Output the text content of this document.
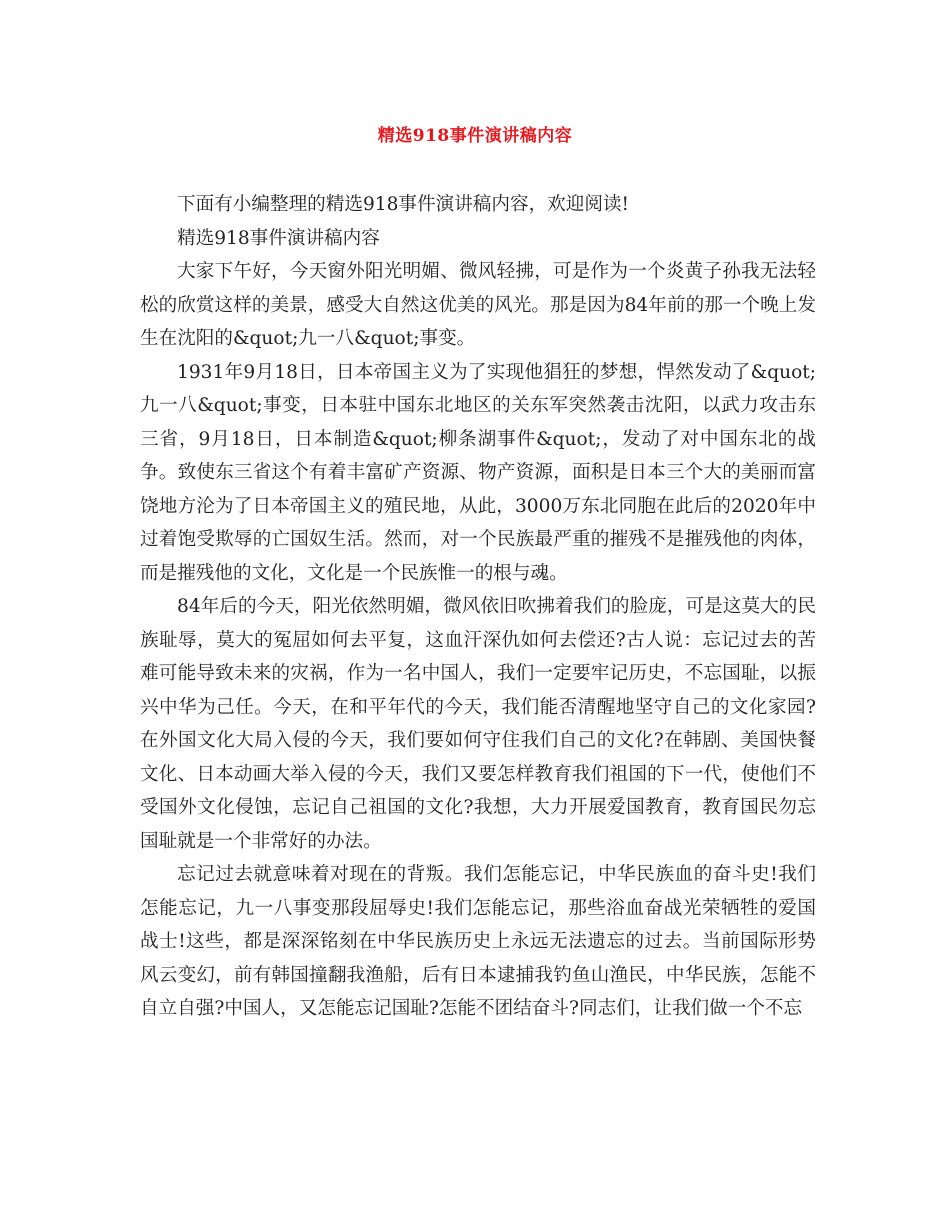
精选918事件演讲稿内容

下面有小编整理的精选918事件演讲稿内容，欢迎阅读!

精选918事件演讲稿内容

大家下午好，今天窗外阳光明媚、微风轻拂，可是作为一个炎黄子孙我无法轻松的欣赏这样的美景，感受大自然这优美的风光。那是因为84年前的那一个晚上发生在沈阳的&quot;九一八&quot;事变。

1931年9月18日，日本帝国主义为了实现他猖狂的梦想，悍然发动了&quot;九一八&quot;事变，日本驻中国东北地区的关东军突然袭击沈阳，以武力攻击东三省，9月18日，日本制造&quot;柳条湖事件&quot;，发动了对中国东北的战争。致使东三省这个有着丰富矿产资源、物产资源，面积是日本三个大的美丽而富饶地方沦为了日本帝国主义的殖民地，从此，3000万东北同胞在此后的2020年中过着饱受欺辱的亡国奴生活。然而，对一个民族最严重的摧残不是摧残他的肉体，而是摧残他的文化，文化是一个民族惟一的根与魂。

84年后的今天，阳光依然明媚，微风依旧吹拂着我们的脸庞，可是这莫大的民族耻辱，莫大的冤屈如何去平复，这血汗深仇如何去偿还?古人说：忘记过去的苦难可能导致未来的灾祸，作为一名中国人，我们一定要牢记历史，不忘国耻，以振兴中华为己任。今天，在和平年代的今天，我们能否清醒地坚守自己的文化家园?在外国文化大局入侵的今天，我们要如何守住我们自己的文化?在韩剧、美国快餐文化、日本动画大举入侵的今天，我们又要怎样教育我们祖国的下一代，使他们不受国外文化侵蚀，忘记自己祖国的文化?我想，大力开展爱国教育，教育国民勿忘国耻就是一个非常好的办法。

忘记过去就意味着对现在的背叛。我们怎能忘记，中华民族血的奋斗史!我们怎能忘记，九一八事变那段屈辱史!我们怎能忘记，那些浴血奋战光荣牺牲的爱国战士!这些，都是深深铭刻在中华民族历史上永远无法遗忘的过去。当前国际形势风云变幻，前有韩国撞翻我渔船，后有日本逮捕我钓鱼山渔民，中华民族，怎能不自立自强?中国人，又怎能忘记国耻?怎能不团结奋斗?同志们，让我们做一个不忘
